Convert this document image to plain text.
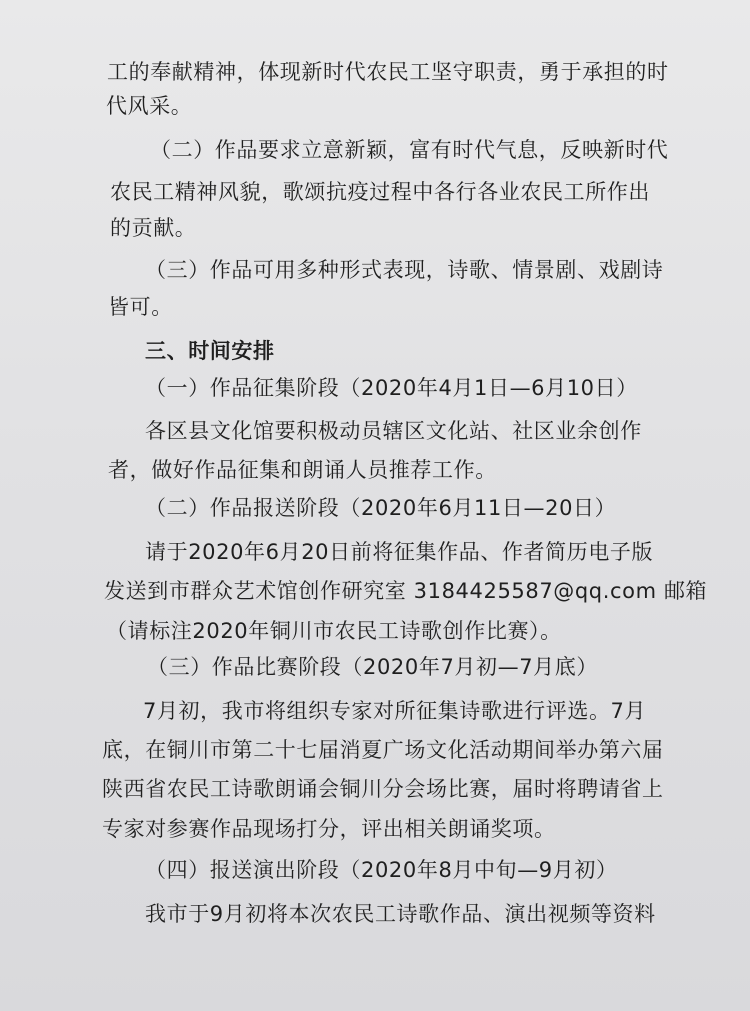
工的奉献精神，体现新时代农民工坚守职责，勇于承担的时
代风采。
（二）作品要求立意新颖，富有时代气息，反映新时代
农民工精神风貌，歌颂抗疫过程中各行各业农民工所作出
的贡献。
（三）作品可用多种形式表现，诗歌、情景剧、戏剧诗
皆可。
三、时间安排
（一）作品征集阶段（2020年4月1日—6月10日）
各区县文化馆要积极动员辖区文化站、社区业余创作
者，做好作品征集和朗诵人员推荐工作。
（二）作品报送阶段（2020年6月11日—20日）
请于2020年6月20日前将征集作品、作者简历电子版
发送到市群众艺术馆创作研究室 3184425587@qq.com 邮箱
（请标注2020年铜川市农民工诗歌创作比赛）。
（三）作品比赛阶段（2020年7月初—7月底）
7月初，我市将组织专家对所征集诗歌进行评选。7月
底，在铜川市第二十七届消夏广场文化活动期间举办第六届
陕西省农民工诗歌朗诵会铜川分会场比赛，届时将聘请省上
专家对参赛作品现场打分，评出相关朗诵奖项。
（四）报送演出阶段（2020年8月中旬—9月初）
我市于9月初将本次农民工诗歌作品、演出视频等资料
